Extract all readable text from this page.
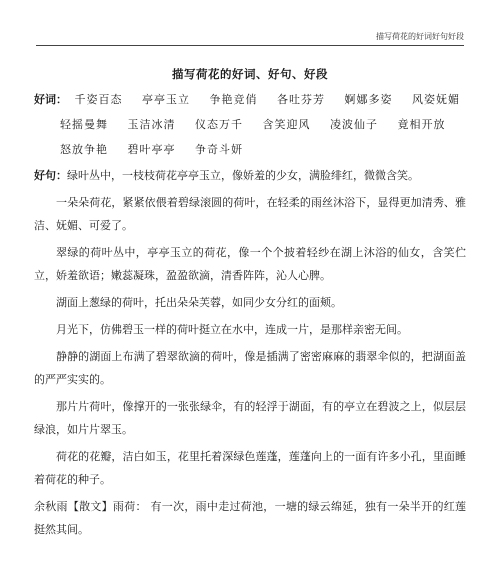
描写荷花的好词好句好段
描写荷花的好词、好句、好段
好词： 千姿百态 亭亭玉立 争艳竞俏 各吐芬芳 婀娜多姿 风姿妩媚
轻摇曼舞 玉洁冰清 仪态万千 含笑迎风 凌波仙子 竟相开放
怒放争艳 碧叶亭亭 争奇斗妍

好句：绿叶丛中，一枝枝荷花亭亭玉立，像娇羞的少女，满脸绯红，微微含笑。

一朵朵荷花，紧紧依偎着碧绿滚圆的荷叶，在轻柔的雨丝沐浴下，显得更加清秀、雅洁、妩媚、可爱了。

翠绿的荷叶丛中，亭亭玉立的荷花，像一个个披着轻纱在湖上沐浴的仙女，含笑伫立，娇羞欲语；嫩蕊凝珠，盈盈欲滴，清香阵阵，沁人心脾。

湖面上葱绿的荷叶，托出朵朵芙蓉，如同少女分红的面颊。

月光下，仿佛碧玉一样的荷叶挺立在水中，连成一片，是那样亲密无间。

静静的湖面上布满了碧翠欲滴的荷叶，像是插满了密密麻麻的翡翠伞似的，把湖面盖的严严实实的。

那片片荷叶，像撑开的一张张绿伞，有的轻浮于湖面，有的亭立在碧波之上，似层层绿浪，如片片翠玉。

荷花的花瓣，洁白如玉，花里托着深绿色莲蓬，莲蓬向上的一面有许多小孔，里面睡着荷花的种子。

余秋雨【散文】雨荷： 有一次，雨中走过荷池，一塘的绿云绵延，独有一朵半开的红莲挺然其间。
